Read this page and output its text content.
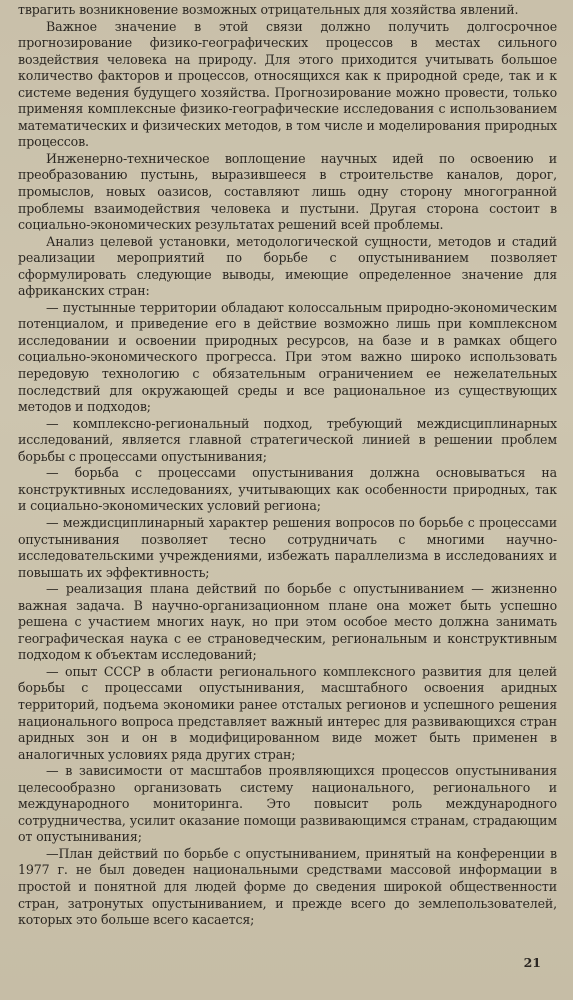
тврагить возникновение возможных отрицательных для хозяйства явлений.

Важное значение в этой связи должно получить долгосрочное прогнозирование физико-географических процессов в местах сильного воздействия человека на природу. Для этого приходится учитывать большое количество факторов и процессов, относящихся как к природной среде, так и к системе ведения будущего хозяйства. Прогнозирование можно провести, только применяя комплексные физико-географические исследования с использованием математических и физических методов, в том числе и моделирования природных процессов.

Инженерно-техническое воплощение научных идей по освоению и преобразованию пустынь, выразившееся в строительстве каналов, дорог, промыслов, новых оазисов, составляют лишь одну сторону многогранной проблемы взаимодействия человека и пустыни. Другая сторона состоит в социально-экономических результатах решений всей проблемы.

Анализ целевой установки, методологической сущности, методов и стадий реализации мероприятий по борьбе с опустыниванием позволяет сформулировать следующие выводы, имеющие определенное значение для африканских стран:

— пустынные территории обладают колоссальным природно-экономическим потенциалом, и приведение его в действие возможно лишь при комплексном исследовании и освоении природных ресурсов, на базе и в рамках общего социально-экономического прогресса. При этом важно широко использовать передовую технологию с обязательным ограничением ее нежелательных последствий для окружающей среды и все рациональное из существующих методов и подходов;

— комплексно-региональный подход, требующий междисциплинарных исследований, является главной стратегической линией в решении проблем борьбы с процессами опустынивания;

— борьба с процессами опустынивания должна основываться на конструктивных исследованиях, учитывающих как особенности природных, так и социально-экономических условий региона;

— междисциплинарный характер решения вопросов по борьбе с процессами опустынивания позволяет тесно сотрудничать с многими научно-исследовательскими учреждениями, избежать параллелизма в исследованиях и повышать их эффективность;

— реализация плана действий по борьбе с опустыниванием — жизненно важная задача. В научно-организационном плане она может быть успешно решена с участием многих наук, но при этом особое место должна занимать географическая наука с ее страноведческим, региональным и конструктивным подходом к объектам исследований;

— опыт СССР в области регионального комплексного развития для целей борьбы с процессами опустынивания, масштабного освоения аридных территорий, подъема экономики ранее отсталых регионов и успешного решения национального вопроса представляет важный интерес для развивающихся стран аридных зон и он в модифицированном виде может быть применен в аналогичных условиях ряда других стран;

— в зависимости от масштабов проявляющихся процессов опустынивания целесообразно организовать систему национального, регионального и международного мониторинга. Это повысит роль международного сотрудничества, усилит оказание помощи развивающимся странам, страдающим от опустынивания;

—План действий по борьбе с опустыниванием, принятый на конференции в 1977 г. не был доведен национальными средствами массовой информации в простой и понятной для людей форме до сведения широкой общественности стран, затронутых опустыниванием, и прежде всего до землепользователей, которых это больше всего касается;

21
